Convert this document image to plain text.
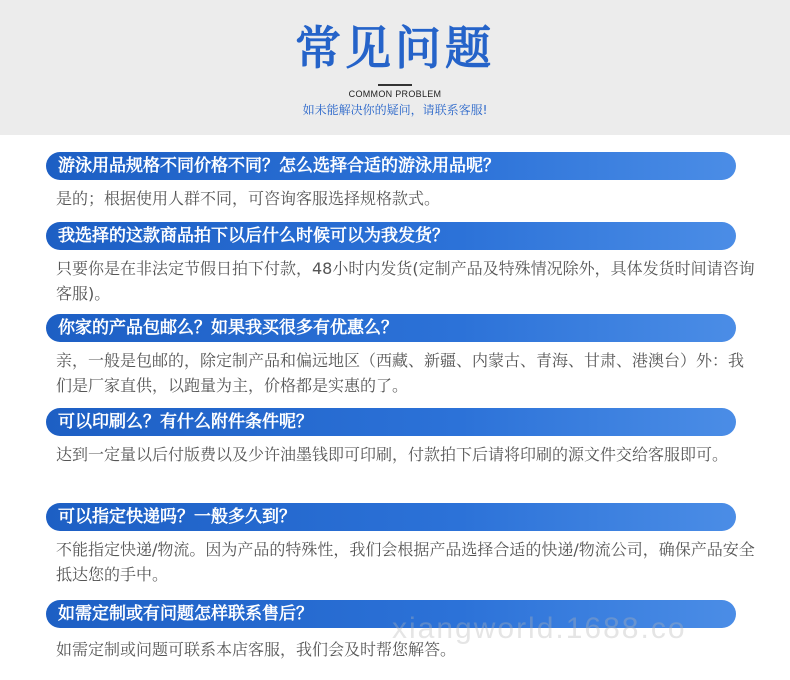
常见问题
COMMON PROBLEM
如未能解决你的疑问，请联系客服!
游泳用品规格不同价格不同？怎么选择合适的游泳用品呢？
是的；根据使用人群不同，可咨询客服选择规格款式。
我选择的这款商品拍下以后什么时候可以为我发货？
只要你是在非法定节假日拍下付款，48小时内发货(定制产品及特殊情况除外，具体发货时间请咨询客服)。
你家的产品包邮么？如果我买很多有优惠么？
亲，一般是包邮的，除定制产品和偏远地区（西藏、新疆、内蒙古、青海、甘肃、港澳台）外：我们是厂家直供，以跑量为主，价格都是实惠的了。
可以印刷么？有什么附件条件呢？
达到一定量以后付版费以及少许油墨钱即可印刷，付款拍下后请将印刷的源文件交给客服即可。
可以指定快递吗？一般多久到？
不能指定快递/物流。因为产品的特殊性，我们会根据产品选择合适的快递/物流公司，确保产品安全抵达您的手中。
如需定制或有问题怎样联系售后？
如需定制或问题可联系本店客服，我们会及时帮您解答。
xiangworld.1688.co
